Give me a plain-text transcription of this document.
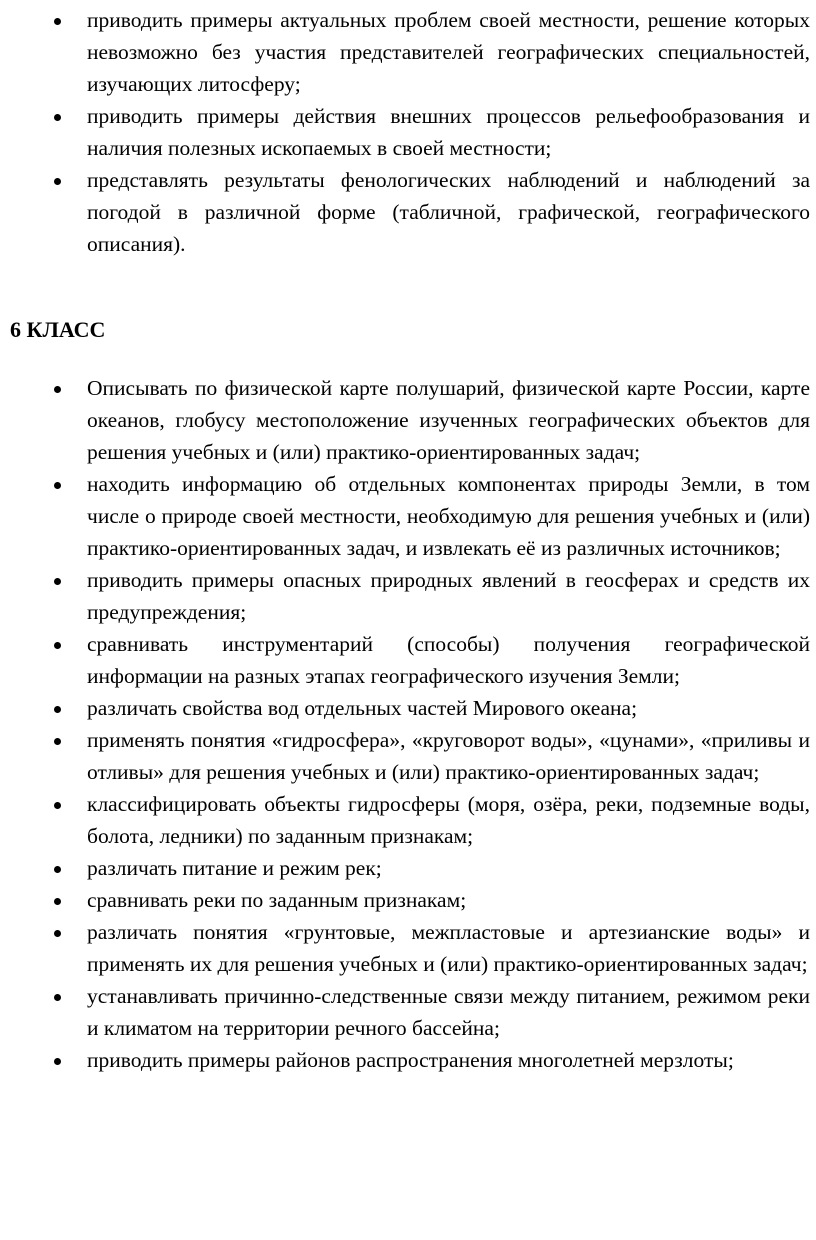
приводить примеры актуальных проблем своей местности, решение которых невозможно без участия представителей географических специальностей, изучающих литосферу;
приводить примеры действия внешних процессов рельефообразования и наличия полезных ископаемых в своей местности;
представлять результаты фенологических наблюдений и наблюдений за погодой в различной форме (табличной, графической, географического описания).
6 КЛАСС
Описывать по физической карте полушарий, физической карте России, карте океанов, глобусу местоположение изученных географических объектов для решения учебных и (или) практико-ориентированных задач;
находить информацию об отдельных компонентах природы Земли, в том числе о природе своей местности, необходимую для решения учебных и (или) практико-ориентированных задач, и извлекать её из различных источников;
приводить примеры опасных природных явлений в геосферах и средств их предупреждения;
сравнивать инструментарий (способы) получения географической информации на разных этапах географического изучения Земли;
различать свойства вод отдельных частей Мирового океана;
применять понятия «гидросфера», «круговорот воды», «цунами», «приливы и отливы» для решения учебных и (или) практико-ориентированных задач;
классифицировать объекты гидросферы (моря, озёра, реки, подземные воды, болота, ледники) по заданным признакам;
различать питание и режим рек;
сравнивать реки по заданным признакам;
различать понятия «грунтовые, межпластовые и артезианские воды» и применять их для решения учебных и (или) практико-ориентированных задач;
устанавливать причинно-следственные связи между питанием, режимом реки и климатом на территории речного бассейна;
приводить примеры районов распространения многолетней мерзлоты;
